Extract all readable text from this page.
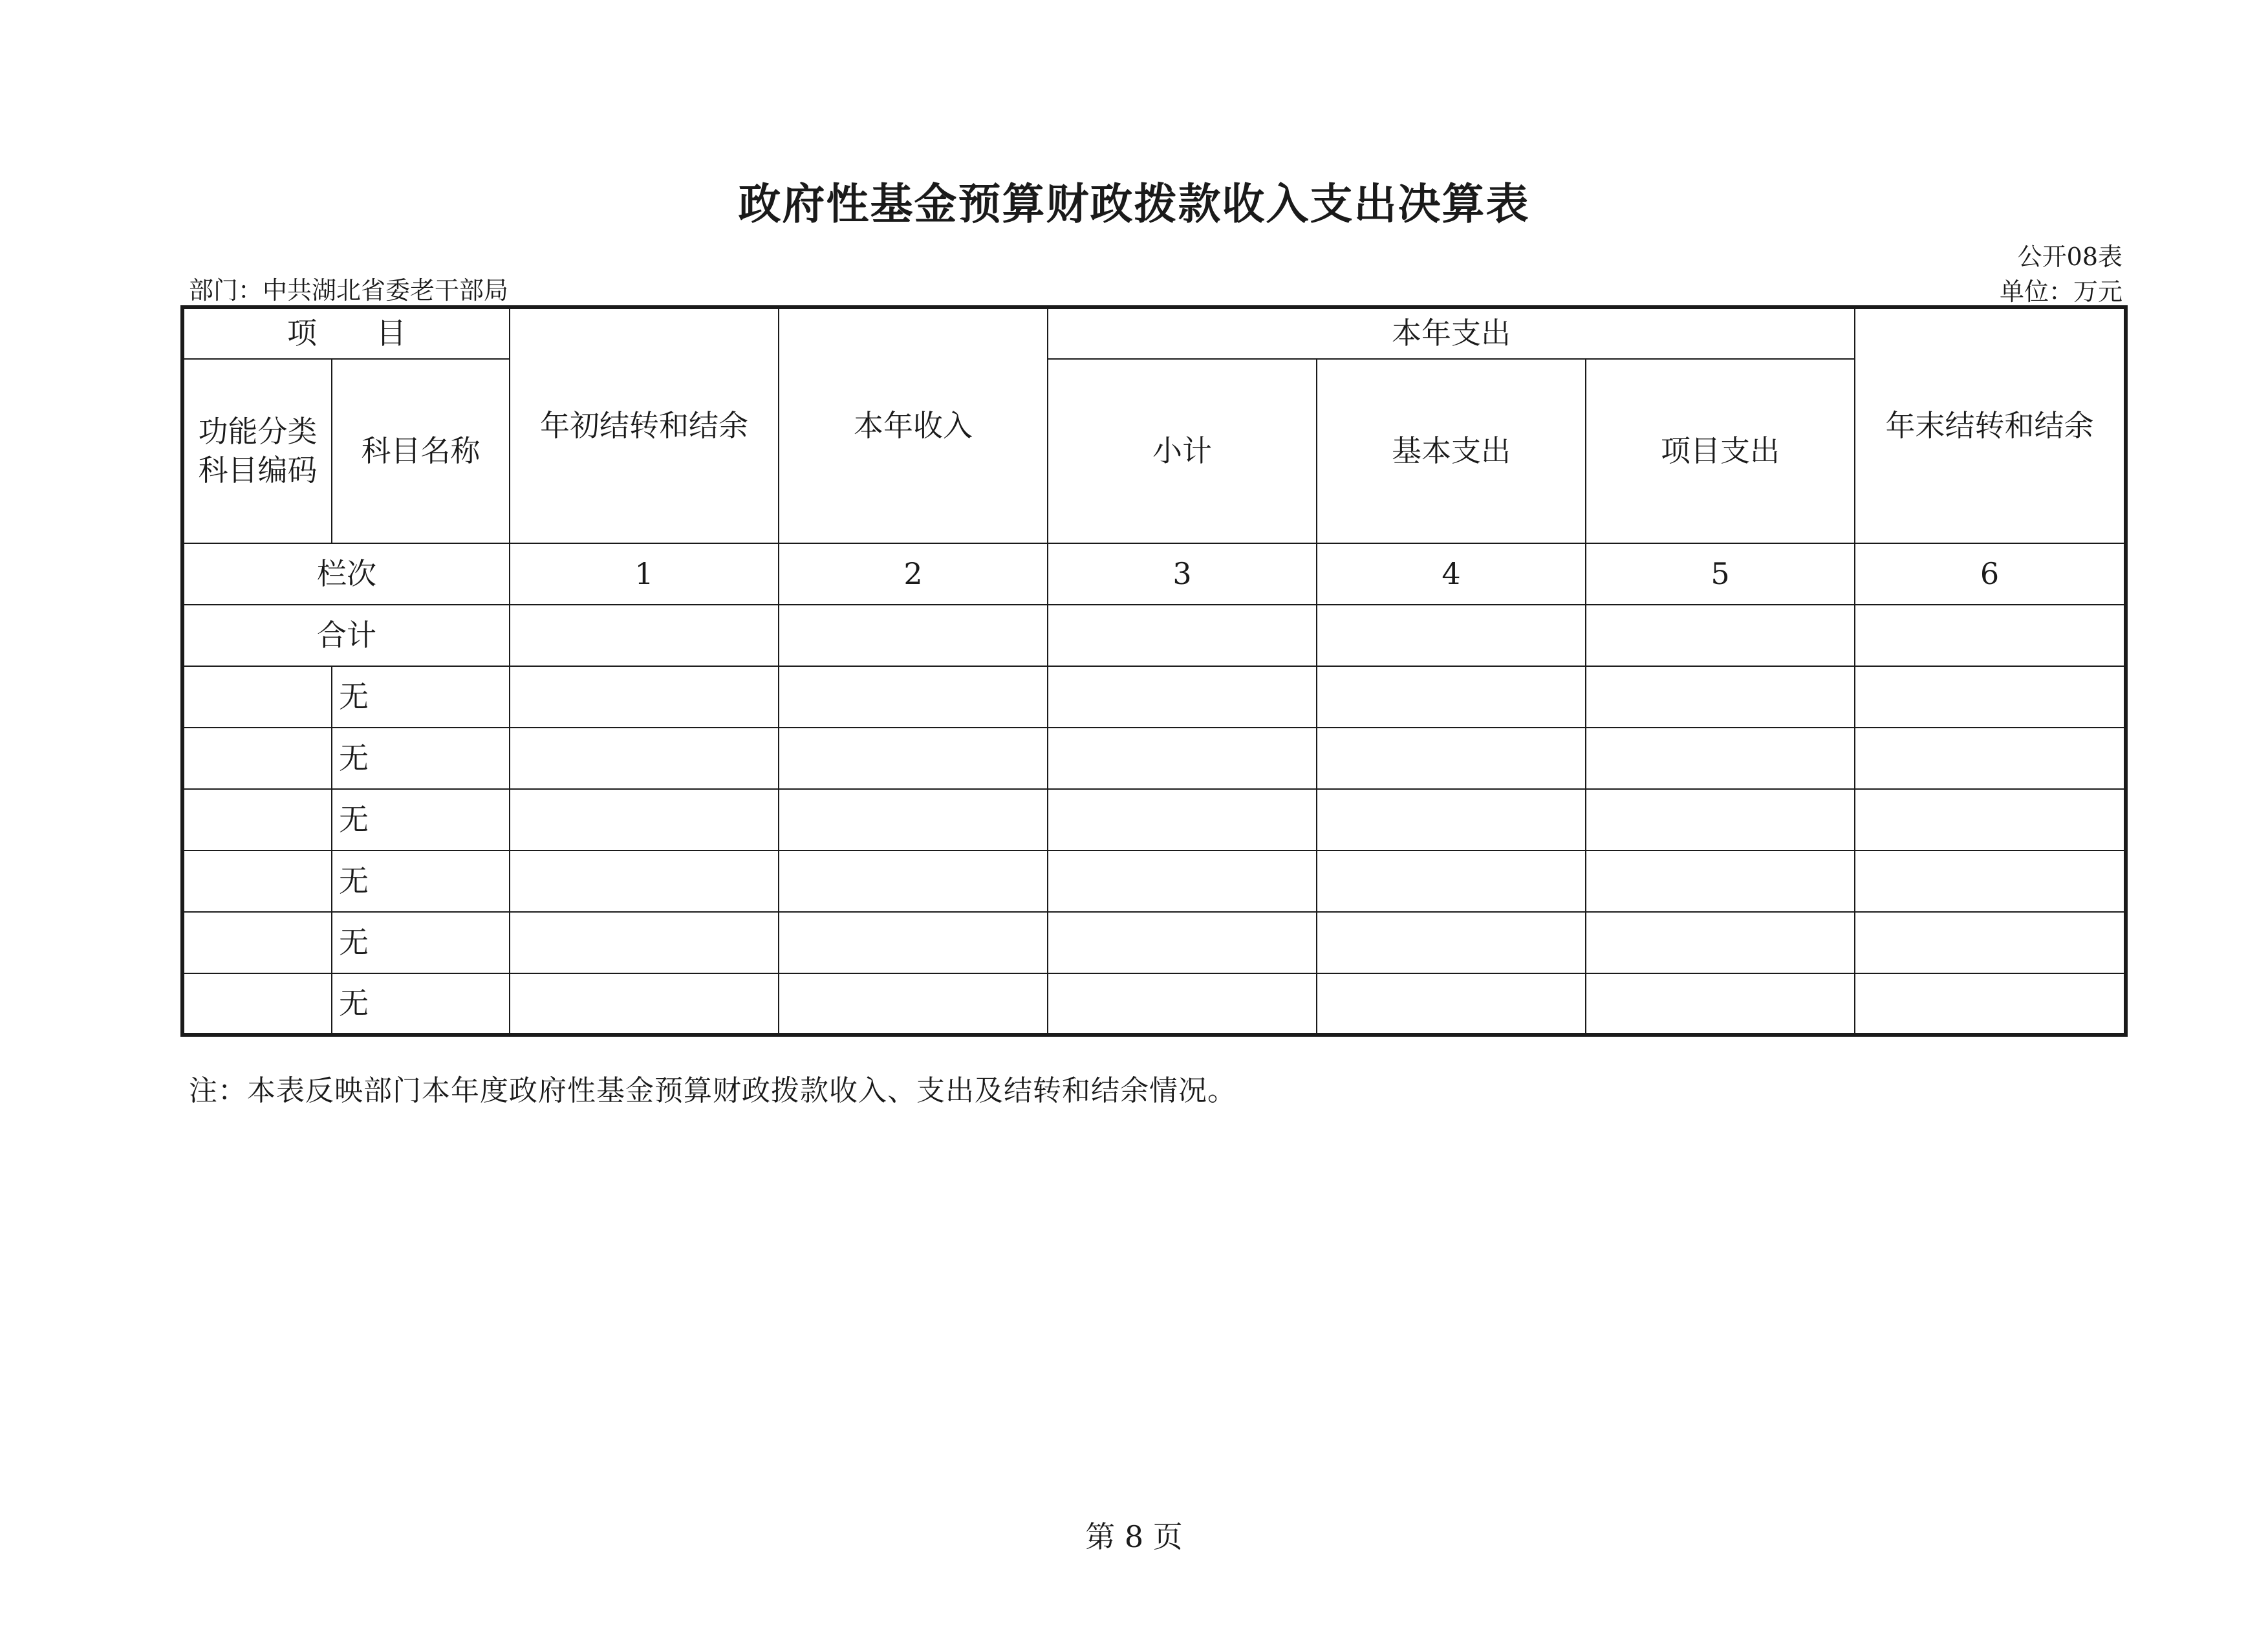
政府性基金预算财政拨款收入支出决算表
公开08表
部门：中共湖北省委老干部局	单位：万元
项　　目		年初结转和结余	本年收入	本年支出			年末结转和结余
功能分类科目编码	科目名称			小计	基本支出	项目支出	
栏次		1	2	3	4	5	6
合计							
	无						
	无						
	无						
	无						
	无						
	无						
注：本表反映部门本年度政府性基金预算财政拨款收入、支出及结转和结余情况。
第 8 页
